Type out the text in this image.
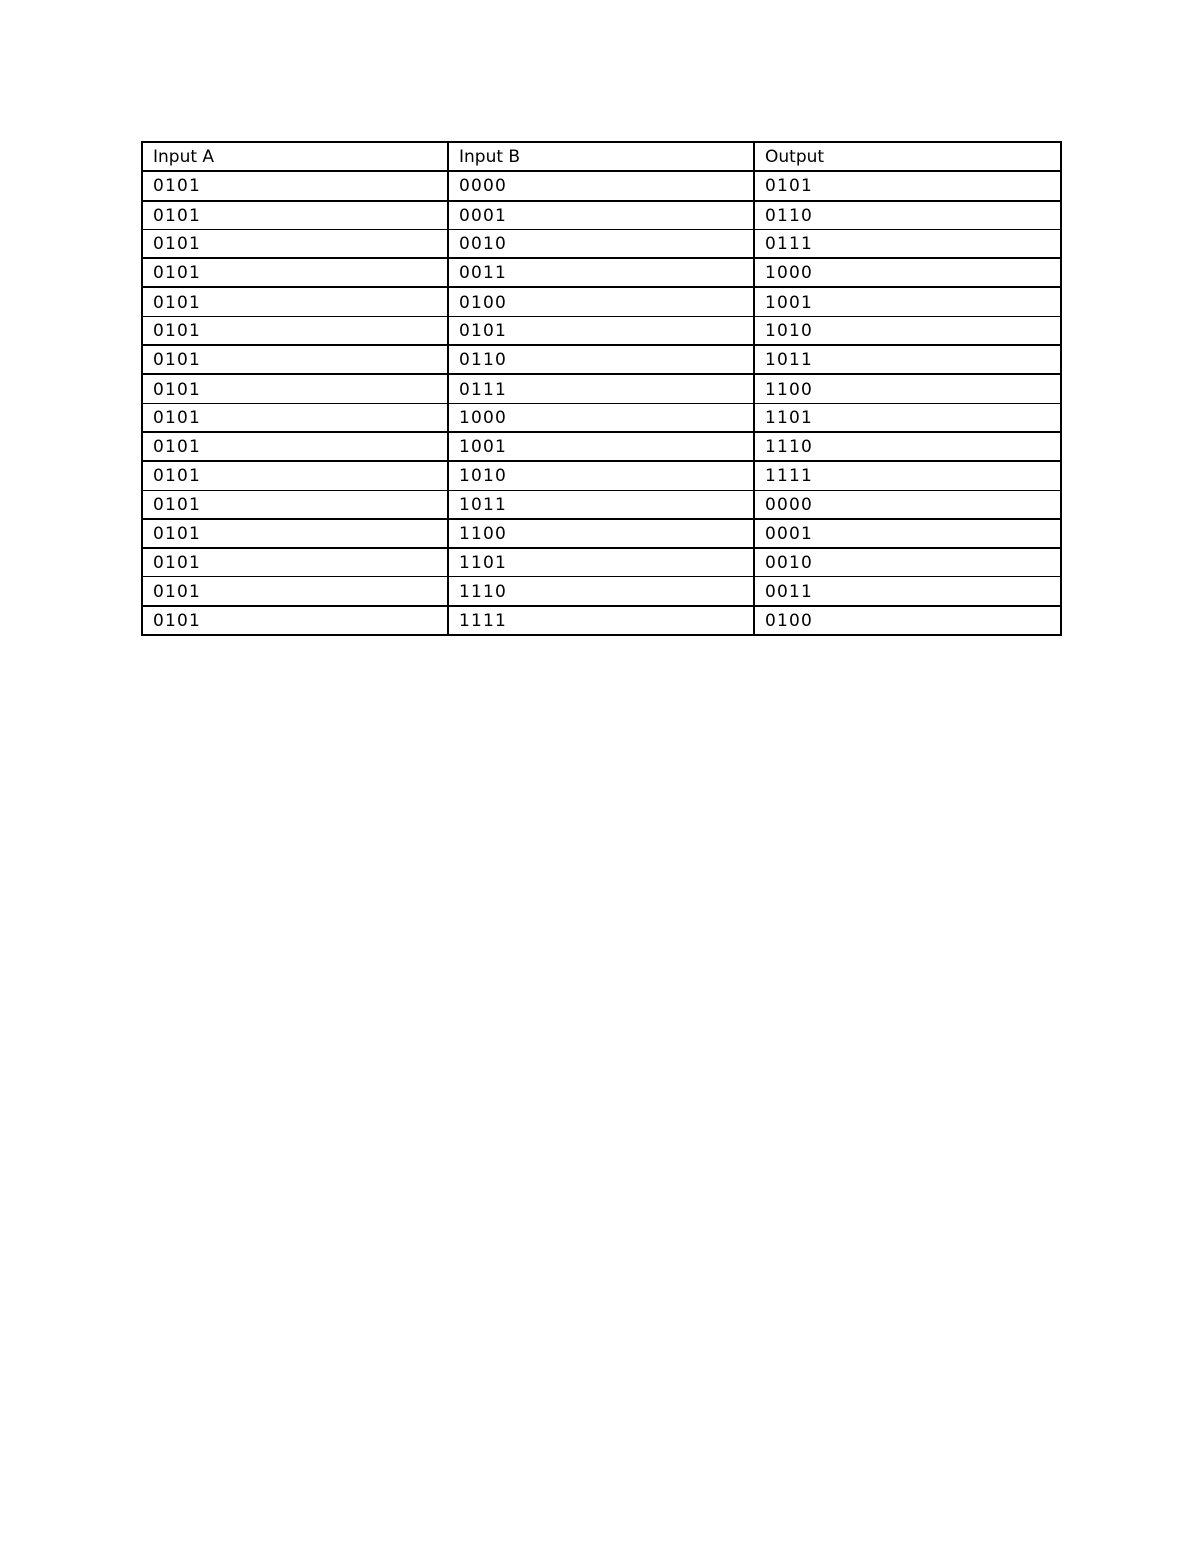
Input A	Input B	Output
0101	0000	0101
0101	0001	0110
0101	0010	0111
0101	0011	1000
0101	0100	1001
0101	0101	1010
0101	0110	1011
0101	0111	1100
0101	1000	1101
0101	1001	1110
0101	1010	1111
0101	1011	0000
0101	1100	0001
0101	1101	0010
0101	1110	0011
0101	1111	0100
